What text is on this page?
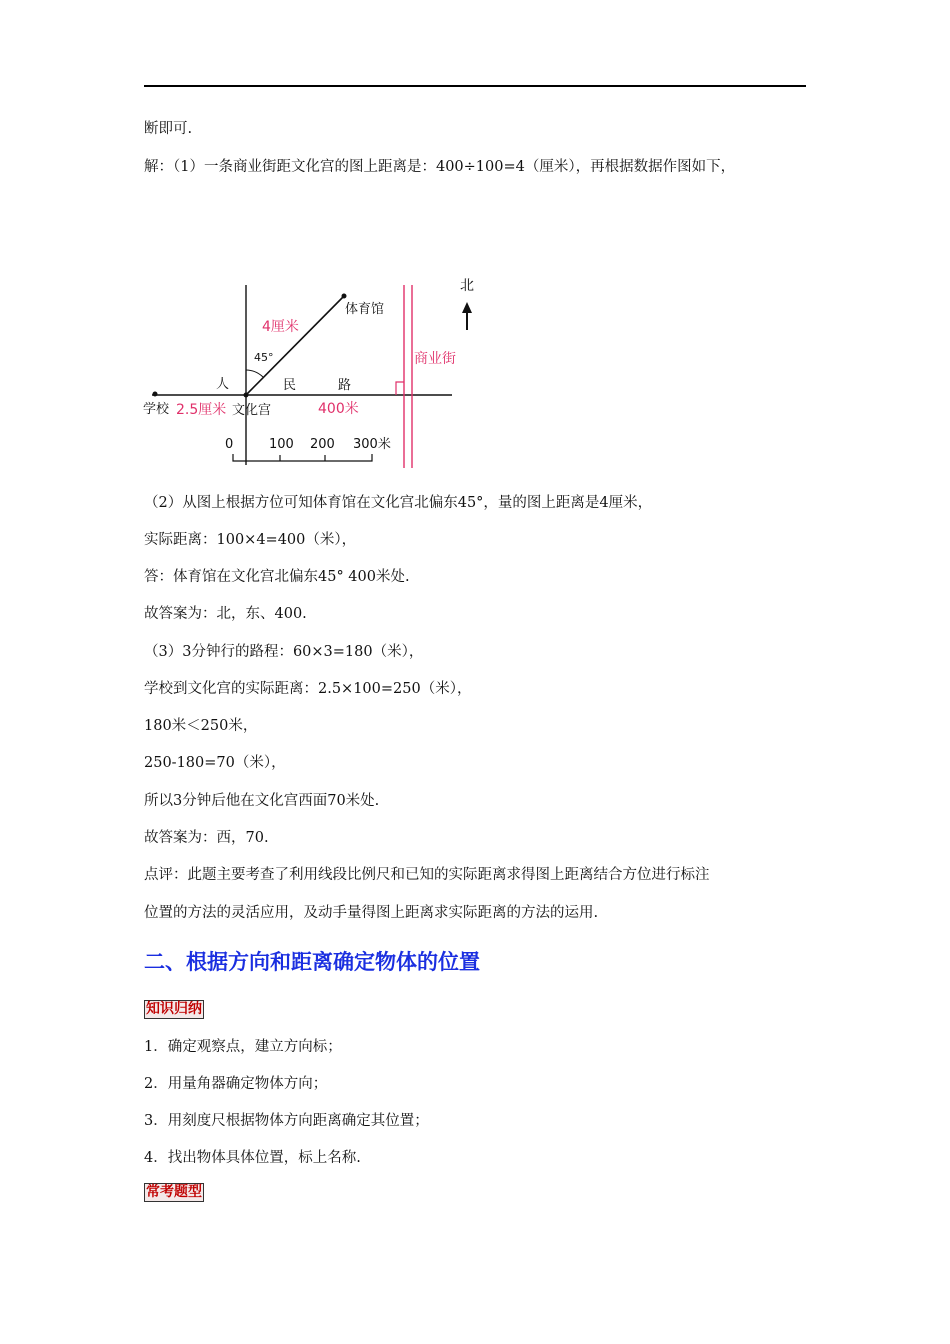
断即可.
解：（1）一条商业街距文化宫的图上距离是：400÷100=4（厘米），再根据数据作图如下，
北
体育馆
4厘米
45°
人	民	路
商业街
学校 2.5厘米 文化宫	400米
0	100 200 300米
（2）从图上根据方位可知体育馆在文化宫北偏东45°，量的图上距离是4厘米，
实际距离：100×4=400（米），
答：体育馆在文化宫北偏东45° 400米处.
故答案为：北，东、400.
（3）3分钟行的路程：60×3=180（米），
学校到文化宫的实际距离：2.5×100=250（米），
180米＜250米，
250-180=70（米），
所以3分钟后他在文化宫西面70米处.
故答案为：西，70.
点评：此题主要考查了利用线段比例尺和已知的实际距离求得图上距离结合方位进行标注
位置的方法的灵活应用，及动手量得图上距离求实际距离的方法的运用.
二、根据方向和距离确定物体的位置
知识归纳
1．确定观察点，建立方向标；
2．用量角器确定物体方向；
3．用刻度尺根据物体方向距离确定其位置；
4．找出物体具体位置，标上名称.
常考题型
